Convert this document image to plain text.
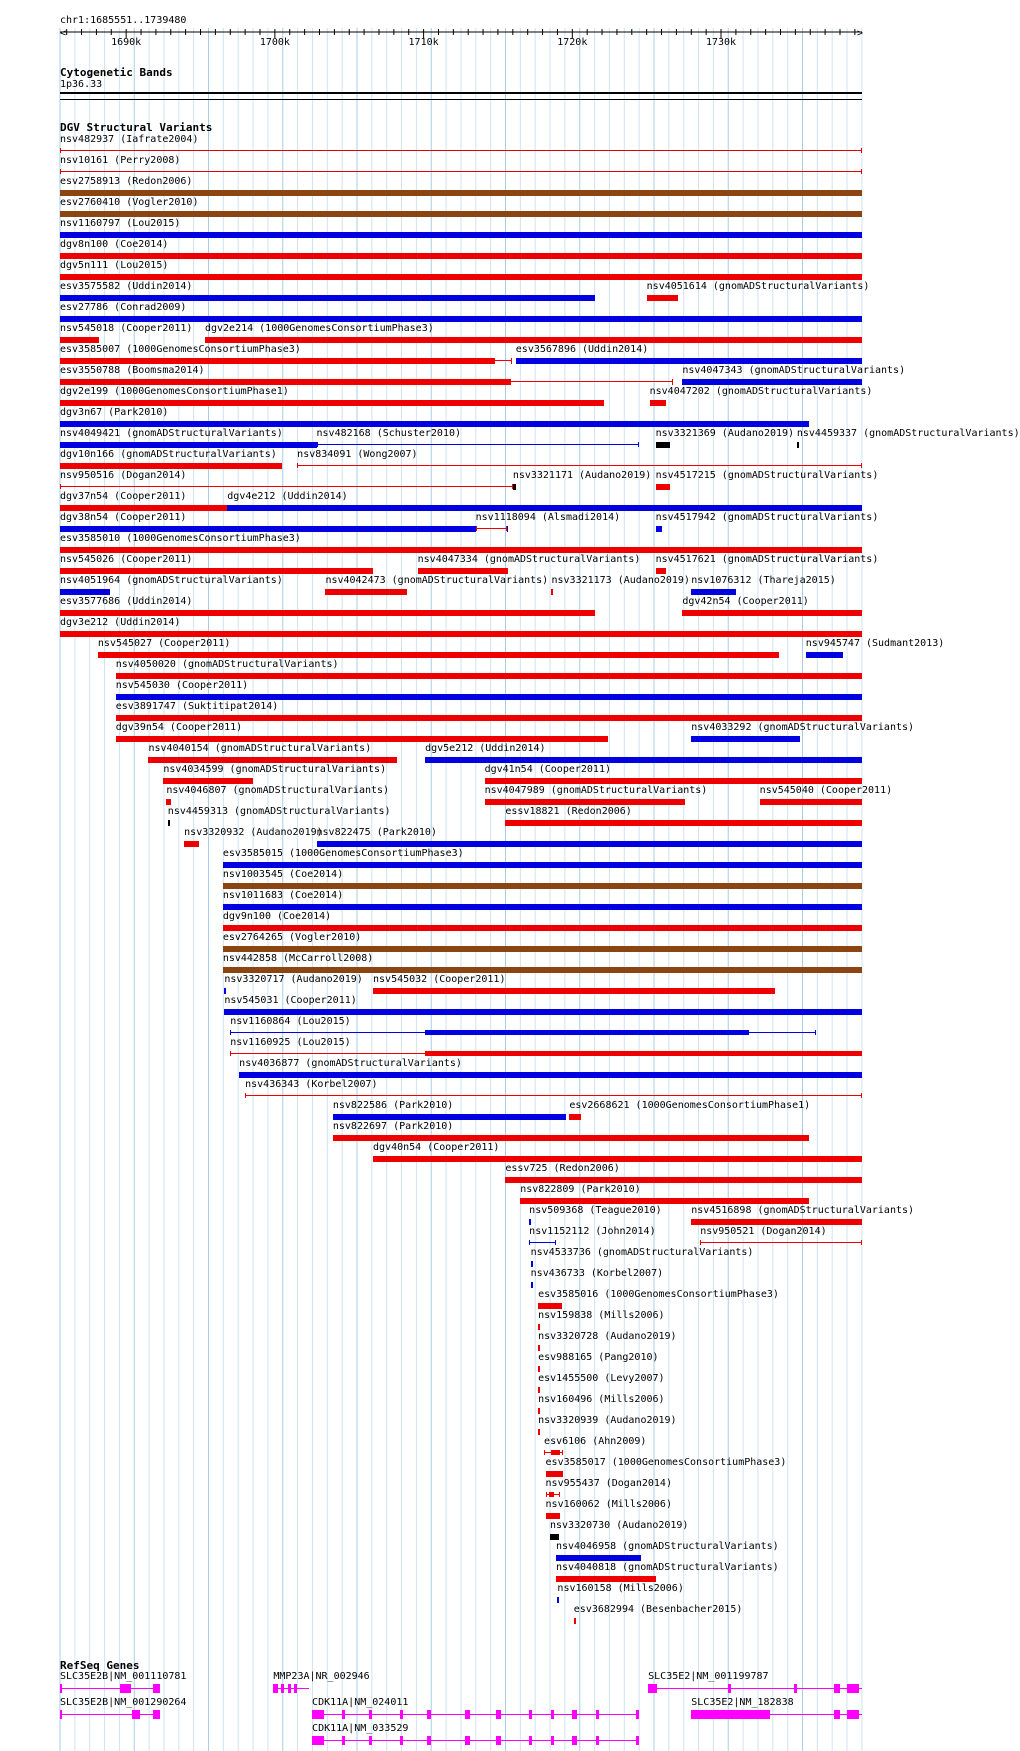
chr1:1685551..1739480
<	>
1690k	1700k	1710k	1720k	1730k
Cytogenetic Bands
1p36.33
DGV Structural Variants
nsv482937 (Iafrate2004)
nsv10161 (Perry2008)
esv2758913 (Redon2006)
esv2760410 (Vogler2010)
nsv1160797 (Lou2015)
dgv8n100 (Coe2014)
dgv5n111 (Lou2015)
esv3575582 (Uddin2014)	nsv4051614 (gnomADStructuralVariants)
esv27786 (Conrad2009)
nsv545018 (Cooper2011) dgv2e214 (1000GenomesConsortiumPhase3)
esv3585007 (1000GenomesConsortiumPhase3)	esv3567896 (Uddin2014)
esv3550788 (Boomsma2014)	nsv4047343 (gnomADStructuralVariants)
dgv2e199 (1000GenomesConsortiumPhase1)	nsv4047202 (gnomADStructuralVariants)
dgv3n67 (Park2010)
nsv4049421 (gnomADStructuralVariants)	nsv482168 (Schuster2010)	nsv3321369 (Audano2019) nsv4459337 (gnomADStructuralVariants)
dgv10n166 (gnomADStructuralVariants) nsv834091 (Wong2007)
nsv950516 (Dogan2014)	nsv3321171 (Audano2019) nsv4517215 (gnomADStructuralVariants)
dgv37n54 (Cooper2011)	dgv4e212 (Uddin2014)
dgv38n54 (Cooper2011)	nsv1118094 (Alsmadi2014)	nsv4517942 (gnomADStructuralVariants)
esv3585010 (1000GenomesConsortiumPhase3)
nsv545026 (Cooper2011)	nsv4047334 (gnomADStructuralVariants) nsv4517621 (gnomADStructuralVariants)
nsv4051964 (gnomADStructuralVariants)	nsv4042473 (gnomADStructuralVariants) nsv3321173 (Audano2019) nsv1076312 (Thareja2015)
esv3577686 (Uddin2014)	dgv42n54 (Cooper2011)
dgv3e212 (Uddin2014)
nsv545027 (Cooper2011)	nsv945747 (Sudmant2013)
nsv4050020 (gnomADStructuralVariants)
nsv545030 (Cooper2011)
esv3891747 (Suktitipat2014)
dgv39n54 (Cooper2011)	nsv4033292 (gnomADStructuralVariants)
nsv4040154 (gnomADStructuralVariants)	dgv5e212 (Uddin2014)
nsv4034599 (gnomADStructuralVariants)	dgv41n54 (Cooper2011)
nsv4046807 (gnomADStructuralVariants)	nsv4047989 (gnomADStructuralVariants)	nsv545040 (Cooper2011)
nsv4459313 (gnomADStructuralVariants)	essv18821 (Redon2006)
nsv3320932 (Audano2019)
nsv822475 (Park2010)
esv3585015 (1000GenomesConsortiumPhase3)
nsv1003545 (Coe2014)
nsv1011683 (Coe2014)
dgv9n100 (Coe2014)
esv2764265 (Vogler2010)
nsv442858 (McCarroll2008)
nsv3320717 (Audano2019) nsv545032 (Cooper2011)
nsv545031 (Cooper2011)
nsv1160864 (Lou2015)
nsv1160925 (Lou2015)
nsv4036877 (gnomADStructuralVariants)
nsv436343 (Korbel2007)
nsv822586 (Park2010)	esv2668621 (1000GenomesConsortiumPhase1)
nsv822697 (Park2010)
dgv40n54 (Cooper2011)
essv725 (Redon2006)
nsv822809 (Park2010)
nsv509368 (Teague2010)	nsv4516898 (gnomADStructuralVariants)
nsv1152112 (John2014)	nsv950521 (Dogan2014)
nsv4533736 (gnomADStructuralVariants)
nsv436733 (Korbel2007)
esv3585016 (1000GenomesConsortiumPhase3)
nsv159838 (Mills2006)
nsv3320728 (Audano2019)
esv988165 (Pang2010)
esv1455500 (Levy2007)
nsv160496 (Mills2006)
nsv3320939 (Audano2019)
esv6106 (Ahn2009)
esv3585017 (1000GenomesConsortiumPhase3)
nsv955437 (Dogan2014)
nsv160062 (Mills2006)
nsv3320730 (Audano2019)
nsv4046958 (gnomADStructuralVariants)
nsv4040818 (gnomADStructuralVariants)
nsv160158 (Mills2006)
esv3682994 (Besenbacher2015)
RefSeq Genes
SLC35E2B|NM_001110781	MMP23A|NR_002946	SLC35E2|NM_001199787
SLC35E2B|NM_001290264	CDK11A|NM_024011	SLC35E2|NM_182838
CDK11A|NM_033529
